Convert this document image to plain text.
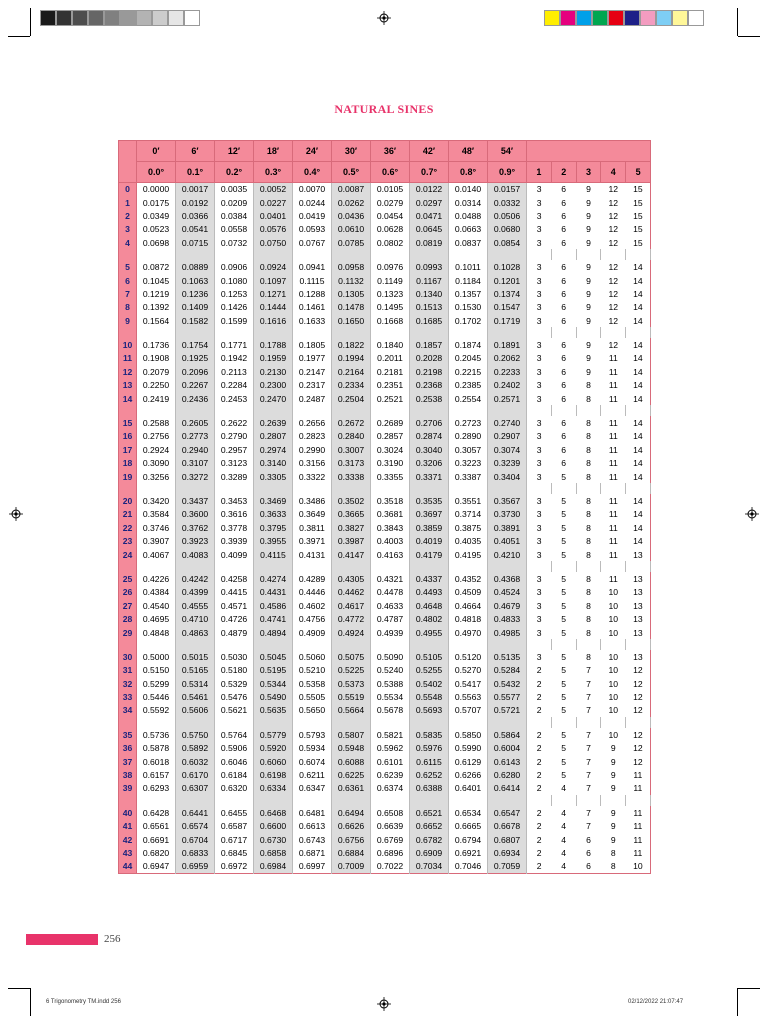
NATURAL SINES
	0′	6′	12′	18′	24′	30′	36′	42′	48′	54′					
	0.0°	0.1°	0.2°	0.3°	0.4°	0.5°	0.6°	0.7°	0.8°	0.9°	1	2	3	4	5
0	0.0000	0.0017	0.0035	0.0052	0.0070	0.0087	0.0105	0.0122	0.0140	0.0157	3	6	9	12	15
1	0.0175	0.0192	0.0209	0.0227	0.0244	0.0262	0.0279	0.0297	0.0314	0.0332	3	6	9	12	15
2	0.0349	0.0366	0.0384	0.0401	0.0419	0.0436	0.0454	0.0471	0.0488	0.0506	3	6	9	12	15
3	0.0523	0.0541	0.0558	0.0576	0.0593	0.0610	0.0628	0.0645	0.0663	0.0680	3	6	9	12	15
4	0.0698	0.0715	0.0732	0.0750	0.0767	0.0785	0.0802	0.0819	0.0837	0.0854	3	6	9	12	15

5	0.0872	0.0889	0.0906	0.0924	0.0941	0.0958	0.0976	0.0993	0.1011	0.1028	3	6	9	12	14
6	0.1045	0.1063	0.1080	0.1097	0.1115	0.1132	0.1149	0.1167	0.1184	0.1201	3	6	9	12	14
7	0.1219	0.1236	0.1253	0.1271	0.1288	0.1305	0.1323	0.1340	0.1357	0.1374	3	6	9	12	14
8	0.1392	0.1409	0.1426	0.1444	0.1461	0.1478	0.1495	0.1513	0.1530	0.1547	3	6	9	12	14
9	0.1564	0.1582	0.1599	0.1616	0.1633	0.1650	0.1668	0.1685	0.1702	0.1719	3	6	9	12	14

10	0.1736	0.1754	0.1771	0.1788	0.1805	0.1822	0.1840	0.1857	0.1874	0.1891	3	6	9	12	14
11	0.1908	0.1925	0.1942	0.1959	0.1977	0.1994	0.2011	0.2028	0.2045	0.2062	3	6	9	11	14
12	0.2079	0.2096	0.2113	0.2130	0.2147	0.2164	0.2181	0.2198	0.2215	0.2233	3	6	9	11	14
13	0.2250	0.2267	0.2284	0.2300	0.2317	0.2334	0.2351	0.2368	0.2385	0.2402	3	6	8	11	14
14	0.2419	0.2436	0.2453	0.2470	0.2487	0.2504	0.2521	0.2538	0.2554	0.2571	3	6	8	11	14

15	0.2588	0.2605	0.2622	0.2639	0.2656	0.2672	0.2689	0.2706	0.2723	0.2740	3	6	8	11	14
16	0.2756	0.2773	0.2790	0.2807	0.2823	0.2840	0.2857	0.2874	0.2890	0.2907	3	6	8	11	14
17	0.2924	0.2940	0.2957	0.2974	0.2990	0.3007	0.3024	0.3040	0.3057	0.3074	3	6	8	11	14
18	0.3090	0.3107	0.3123	0.3140	0.3156	0.3173	0.3190	0.3206	0.3223	0.3239	3	6	8	11	14
19	0.3256	0.3272	0.3289	0.3305	0.3322	0.3338	0.3355	0.3371	0.3387	0.3404	3	5	8	11	14

20	0.3420	0.3437	0.3453	0.3469	0.3486	0.3502	0.3518	0.3535	0.3551	0.3567	3	5	8	11	14
21	0.3584	0.3600	0.3616	0.3633	0.3649	0.3665	0.3681	0.3697	0.3714	0.3730	3	5	8	11	14
22	0.3746	0.3762	0.3778	0.3795	0.3811	0.3827	0.3843	0.3859	0.3875	0.3891	3	5	8	11	14
23	0.3907	0.3923	0.3939	0.3955	0.3971	0.3987	0.4003	0.4019	0.4035	0.4051	3	5	8	11	14
24	0.4067	0.4083	0.4099	0.4115	0.4131	0.4147	0.4163	0.4179	0.4195	0.4210	3	5	8	11	13

25	0.4226	0.4242	0.4258	0.4274	0.4289	0.4305	0.4321	0.4337	0.4352	0.4368	3	5	8	11	13
26	0.4384	0.4399	0.4415	0.4431	0.4446	0.4462	0.4478	0.4493	0.4509	0.4524	3	5	8	10	13
27	0.4540	0.4555	0.4571	0.4586	0.4602	0.4617	0.4633	0.4648	0.4664	0.4679	3	5	8	10	13
28	0.4695	0.4710	0.4726	0.4741	0.4756	0.4772	0.4787	0.4802	0.4818	0.4833	3	5	8	10	13
29	0.4848	0.4863	0.4879	0.4894	0.4909	0.4924	0.4939	0.4955	0.4970	0.4985	3	5	8	10	13

30	0.5000	0.5015	0.5030	0.5045	0.5060	0.5075	0.5090	0.5105	0.5120	0.5135	3	5	8	10	13
31	0.5150	0.5165	0.5180	0.5195	0.5210	0.5225	0.5240	0.5255	0.5270	0.5284	2	5	7	10	12
32	0.5299	0.5314	0.5329	0.5344	0.5358	0.5373	0.5388	0.5402	0.5417	0.5432	2	5	7	10	12
33	0.5446	0.5461	0.5476	0.5490	0.5505	0.5519	0.5534	0.5548	0.5563	0.5577	2	5	7	10	12
34	0.5592	0.5606	0.5621	0.5635	0.5650	0.5664	0.5678	0.5693	0.5707	0.5721	2	5	7	10	12

35	0.5736	0.5750	0.5764	0.5779	0.5793	0.5807	0.5821	0.5835	0.5850	0.5864	2	5	7	10	12
36	0.5878	0.5892	0.5906	0.5920	0.5934	0.5948	0.5962	0.5976	0.5990	0.6004	2	5	7	9	12
37	0.6018	0.6032	0.6046	0.6060	0.6074	0.6088	0.6101	0.6115	0.6129	0.6143	2	5	7	9	12
38	0.6157	0.6170	0.6184	0.6198	0.6211	0.6225	0.6239	0.6252	0.6266	0.6280	2	5	7	9	11
39	0.6293	0.6307	0.6320	0.6334	0.6347	0.6361	0.6374	0.6388	0.6401	0.6414	2	4	7	9	11

40	0.6428	0.6441	0.6455	0.6468	0.6481	0.6494	0.6508	0.6521	0.6534	0.6547	2	4	7	9	11
41	0.6561	0.6574	0.6587	0.6600	0.6613	0.6626	0.6639	0.6652	0.6665	0.6678	2	4	7	9	11
42	0.6691	0.6704	0.6717	0.6730	0.6743	0.6756	0.6769	0.6782	0.6794	0.6807	2	4	6	9	11
43	0.6820	0.6833	0.6845	0.6858	0.6871	0.6884	0.6896	0.6909	0.6921	0.6934	2	4	6	8	11
44	0.6947	0.6959	0.6972	0.6984	0.6997	0.7009	0.7022	0.7034	0.7046	0.7059	2	4	6	8	10
256
6 Trigonometry TM.indd 256	02/12/2022 21:07:47
